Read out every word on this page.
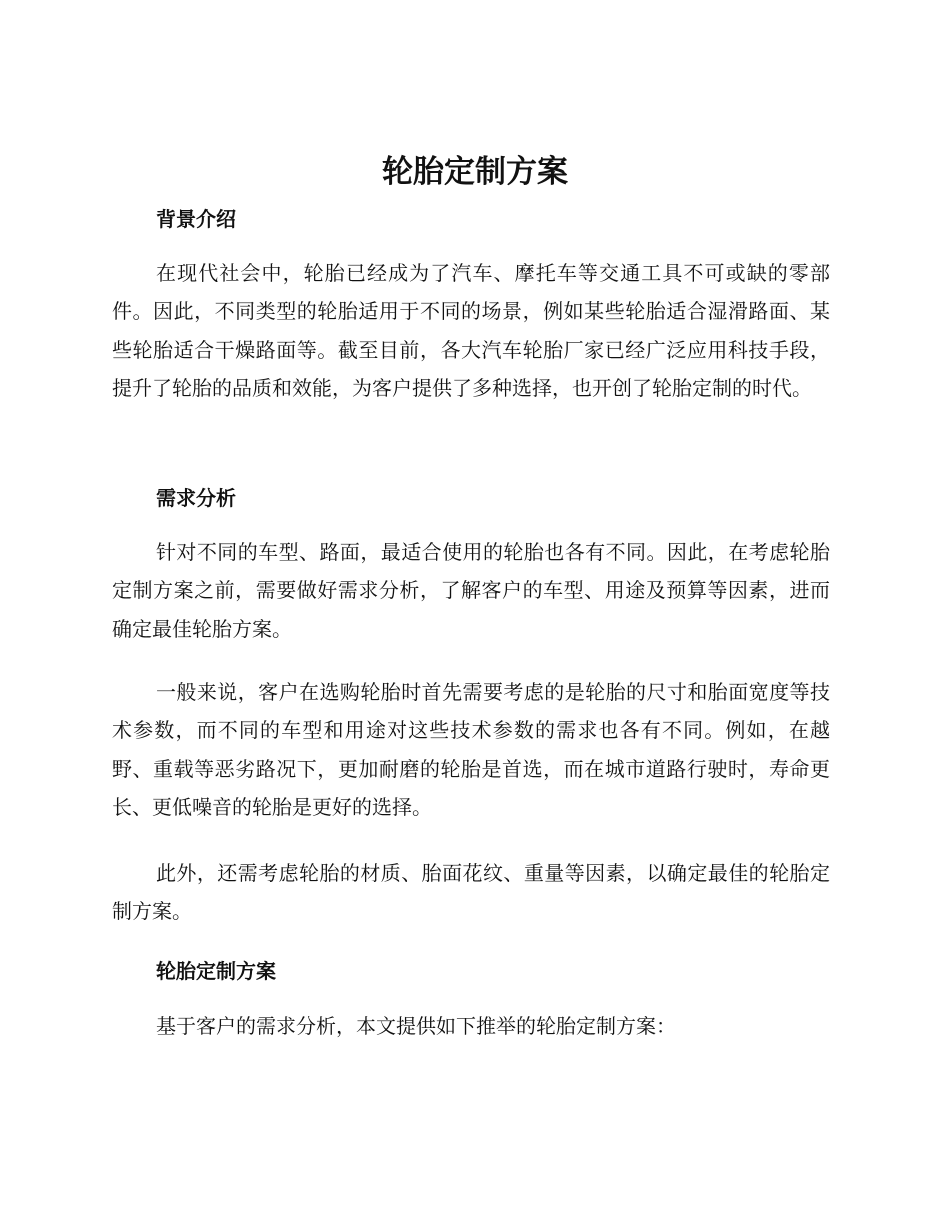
轮胎定制方案
背景介绍

在现代社会中，轮胎已经成为了汽车、摩托车等交通工具不可或缺的零部件。因此，不同类型的轮胎适用于不同的场景，例如某些轮胎适合湿滑路面、某些轮胎适合干燥路面等。截至目前，各大汽车轮胎厂家已经广泛应用科技手段，提升了轮胎的品质和效能，为客户提供了多种选择，也开创了轮胎定制的时代。

需求分析

针对不同的车型、路面，最适合使用的轮胎也各有不同。因此，在考虑轮胎定制方案之前，需要做好需求分析，了解客户的车型、用途及预算等因素，进而确定最佳轮胎方案。

一般来说，客户在选购轮胎时首先需要考虑的是轮胎的尺寸和胎面宽度等技术参数，而不同的车型和用途对这些技术参数的需求也各有不同。例如，在越野、重载等恶劣路况下，更加耐磨的轮胎是首选，而在城市道路行驶时，寿命更长、更低噪音的轮胎是更好的选择。

此外，还需考虑轮胎的材质、胎面花纹、重量等因素，以确定最佳的轮胎定制方案。

轮胎定制方案

基于客户的需求分析，本文提供如下推举的轮胎定制方案：
